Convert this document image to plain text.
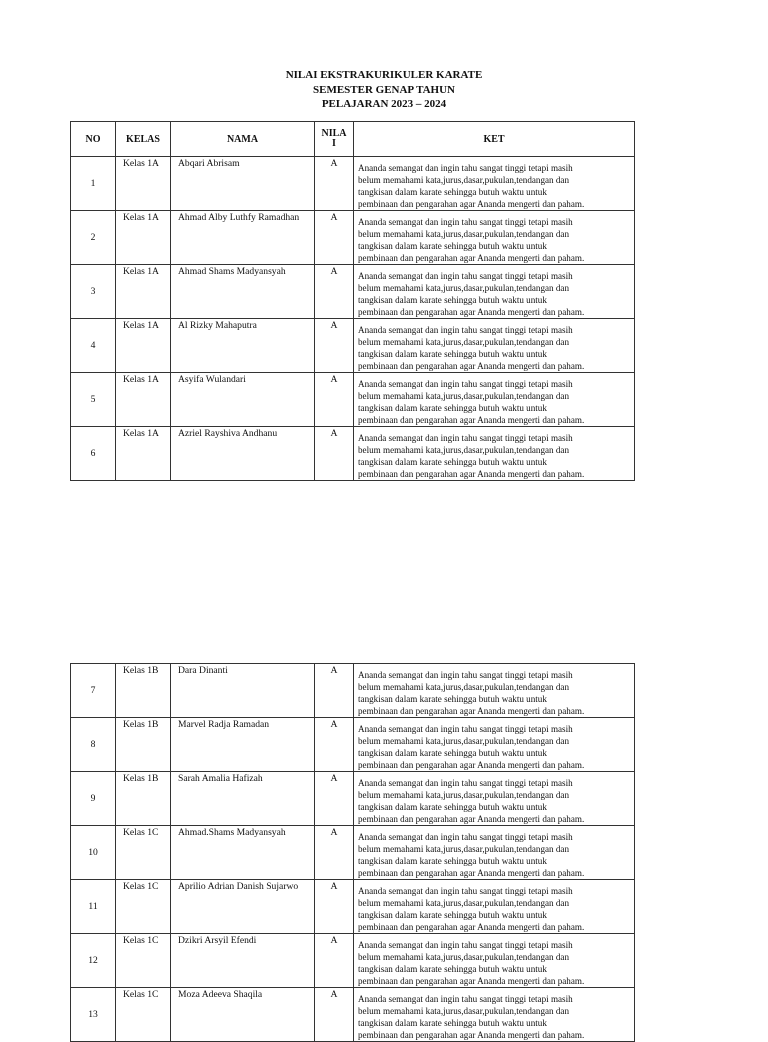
NILAI EKSTRAKURIKULER KARATE
SEMESTER GENAP TAHUN
PELAJARAN 2023 – 2024
NO	KELAS	NAMA	NILA
I	KET
1	Kelas 1A	Abqari Abrisam	A	Ananda semangat dan ingin tahu sangat tinggi tetapi masih
belum memahami kata,jurus,dasar,pukulan,tendangan dan
tangkisan dalam karate sehingga butuh waktu untuk
pembinaan dan pengarahan agar Ananda mengerti dan paham.

2	Kelas 1A	Ahmad Alby Luthfy Ramadhan	A	Ananda semangat dan ingin tahu sangat tinggi tetapi masih
belum memahami kata,jurus,dasar,pukulan,tendangan dan
tangkisan dalam karate sehingga butuh waktu untuk
pembinaan dan pengarahan agar Ananda mengerti dan paham.

3	Kelas 1A	Ahmad Shams Madyansyah	A	Ananda semangat dan ingin tahu sangat tinggi tetapi masih
belum memahami kata,jurus,dasar,pukulan,tendangan dan
tangkisan dalam karate sehingga butuh waktu untuk
pembinaan dan pengarahan agar Ananda mengerti dan paham.

4	Kelas 1A	Al Rizky Mahaputra	A	Ananda semangat dan ingin tahu sangat tinggi tetapi masih
belum memahami kata,jurus,dasar,pukulan,tendangan dan
tangkisan dalam karate sehingga butuh waktu untuk
pembinaan dan pengarahan agar Ananda mengerti dan paham.

5	Kelas 1A	Asyifa Wulandari	A	Ananda semangat dan ingin tahu sangat tinggi tetapi masih
belum memahami kata,jurus,dasar,pukulan,tendangan dan
tangkisan dalam karate sehingga butuh waktu untuk
pembinaan dan pengarahan agar Ananda mengerti dan paham.

6	Kelas 1A	Azriel Rayshiva Andhanu	A	Ananda semangat dan ingin tahu sangat tinggi tetapi masih
belum memahami kata,jurus,dasar,pukulan,tendangan dan
tangkisan dalam karate sehingga butuh waktu untuk
pembinaan dan pengarahan agar Ananda mengerti dan paham.
7	Kelas 1B	Dara Dinanti	A	Ananda semangat dan ingin tahu sangat tinggi tetapi masih
belum memahami kata,jurus,dasar,pukulan,tendangan dan
tangkisan dalam karate sehingga butuh waktu untuk
pembinaan dan pengarahan agar Ananda mengerti dan paham.

8	Kelas 1B	Marvel Radja Ramadan	A	Ananda semangat dan ingin tahu sangat tinggi tetapi masih
belum memahami kata,jurus,dasar,pukulan,tendangan dan
tangkisan dalam karate sehingga butuh waktu untuk
pembinaan dan pengarahan agar Ananda mengerti dan paham.

9	Kelas 1B	Sarah Amalia Hafizah	A	Ananda semangat dan ingin tahu sangat tinggi tetapi masih
belum memahami kata,jurus,dasar,pukulan,tendangan dan
tangkisan dalam karate sehingga butuh waktu untuk
pembinaan dan pengarahan agar Ananda mengerti dan paham.

10	Kelas 1C	Ahmad.Shams Madyansyah	A	Ananda semangat dan ingin tahu sangat tinggi tetapi masih
belum memahami kata,jurus,dasar,pukulan,tendangan dan
tangkisan dalam karate sehingga butuh waktu untuk
pembinaan dan pengarahan agar Ananda mengerti dan paham.

11	Kelas 1C	Aprilio Adrian Danish Sujarwo	A	Ananda semangat dan ingin tahu sangat tinggi tetapi masih
belum memahami kata,jurus,dasar,pukulan,tendangan dan
tangkisan dalam karate sehingga butuh waktu untuk
pembinaan dan pengarahan agar Ananda mengerti dan paham.

12	Kelas 1C	Dzikri Arsyil Efendi	A	Ananda semangat dan ingin tahu sangat tinggi tetapi masih
belum memahami kata,jurus,dasar,pukulan,tendangan dan
tangkisan dalam karate sehingga butuh waktu untuk
pembinaan dan pengarahan agar Ananda mengerti dan paham.

13	Kelas 1C	Moza Adeeva Shaqila	A	Ananda semangat dan ingin tahu sangat tinggi tetapi masih
belum memahami kata,jurus,dasar,pukulan,tendangan dan
tangkisan dalam karate sehingga butuh waktu untuk
pembinaan dan pengarahan agar Ananda mengerti dan paham.
